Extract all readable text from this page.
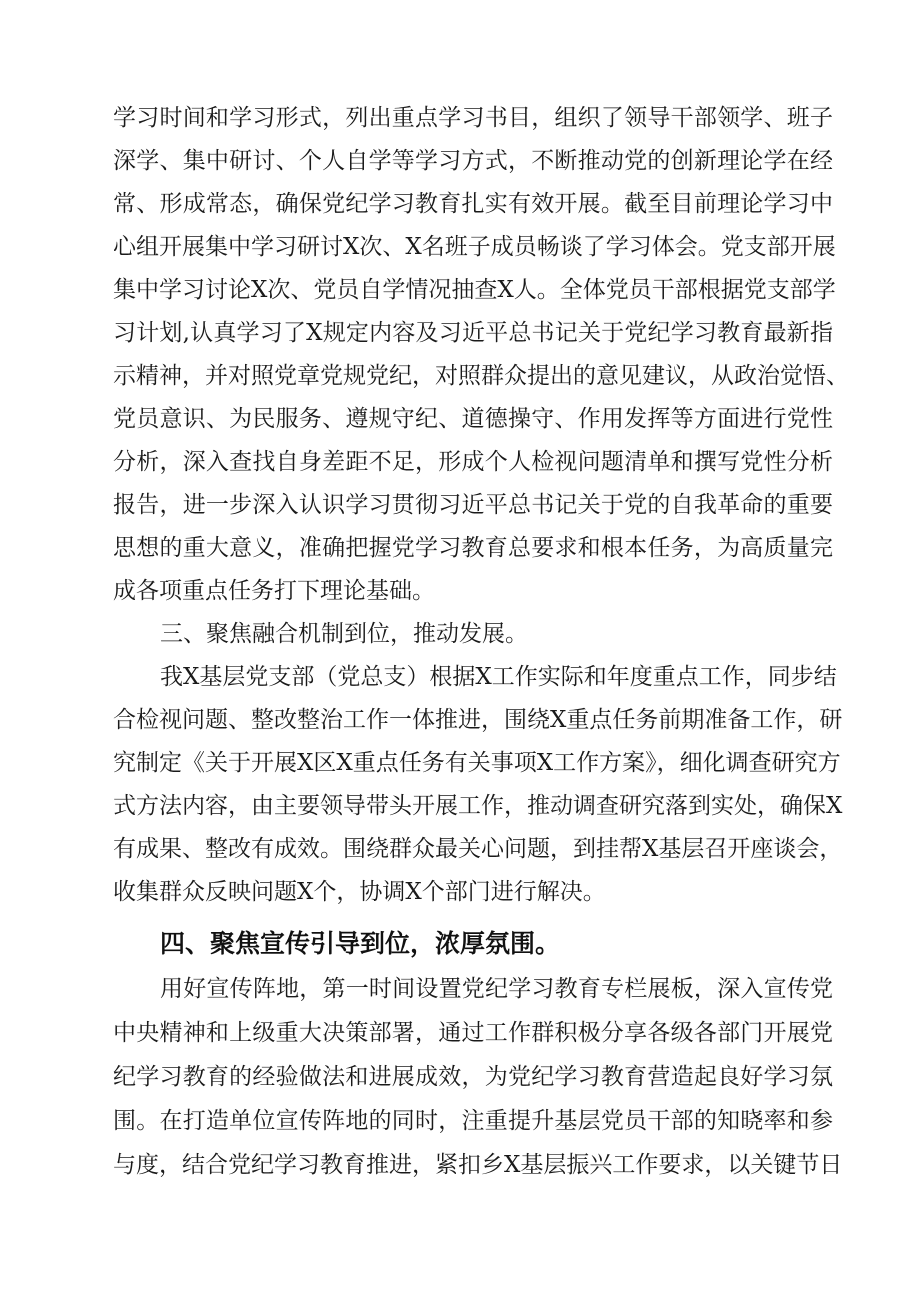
学习时间和学习形式，列出重点学习书目，组织了领导干部领学、班子
深学、集中研讨、个人自学等学习方式，不断推动党的创新理论学在经
常、形成常态，确保党纪学习教育扎实有效开展。截至目前理论学习中
心组开展集中学习研讨X次、X名班子成员畅谈了学习体会。党支部开展
集中学习讨论X次、党员自学情况抽查X人。全体党员干部根据党支部学
习计划,认真学习了X规定内容及习近平总书记关于党纪学习教育最新指
示精神，并对照党章党规党纪，对照群众提出的意见建议，从政治觉悟、
党员意识、为民服务、遵规守纪、道德操守、作用发挥等方面进行党性
分析，深入查找自身差距不足，形成个人检视问题清单和撰写党性分析
报告，进一步深入认识学习贯彻习近平总书记关于党的自我革命的重要
思想的重大意义，准确把握党学习教育总要求和根本任务，为高质量完
成各项重点任务打下理论基础。
三、聚焦融合机制到位，推动发展。
我X基层党支部（党总支）根据X工作实际和年度重点工作，同步结
合检视问题、整改整治工作一体推进，围绕X重点任务前期准备工作，研
究制定《关于开展X区X重点任务有关事项X工作方案》，细化调查研究方
式方法内容，由主要领导带头开展工作，推动调查研究落到实处，确保X
有成果、整改有成效。围绕群众最关心问题，到挂帮X基层召开座谈会，
收集群众反映问题X个，协调X个部门进行解决。
四、聚焦宣传引导到位，浓厚氛围。
用好宣传阵地，第一时间设置党纪学习教育专栏展板，深入宣传党
中央精神和上级重大决策部署，通过工作群积极分享各级各部门开展党
纪学习教育的经验做法和进展成效，为党纪学习教育营造起良好学习氛
围。在打造单位宣传阵地的同时，注重提升基层党员干部的知晓率和参
与度，结合党纪学习教育推进，紧扣乡X基层振兴工作要求，以关键节日
